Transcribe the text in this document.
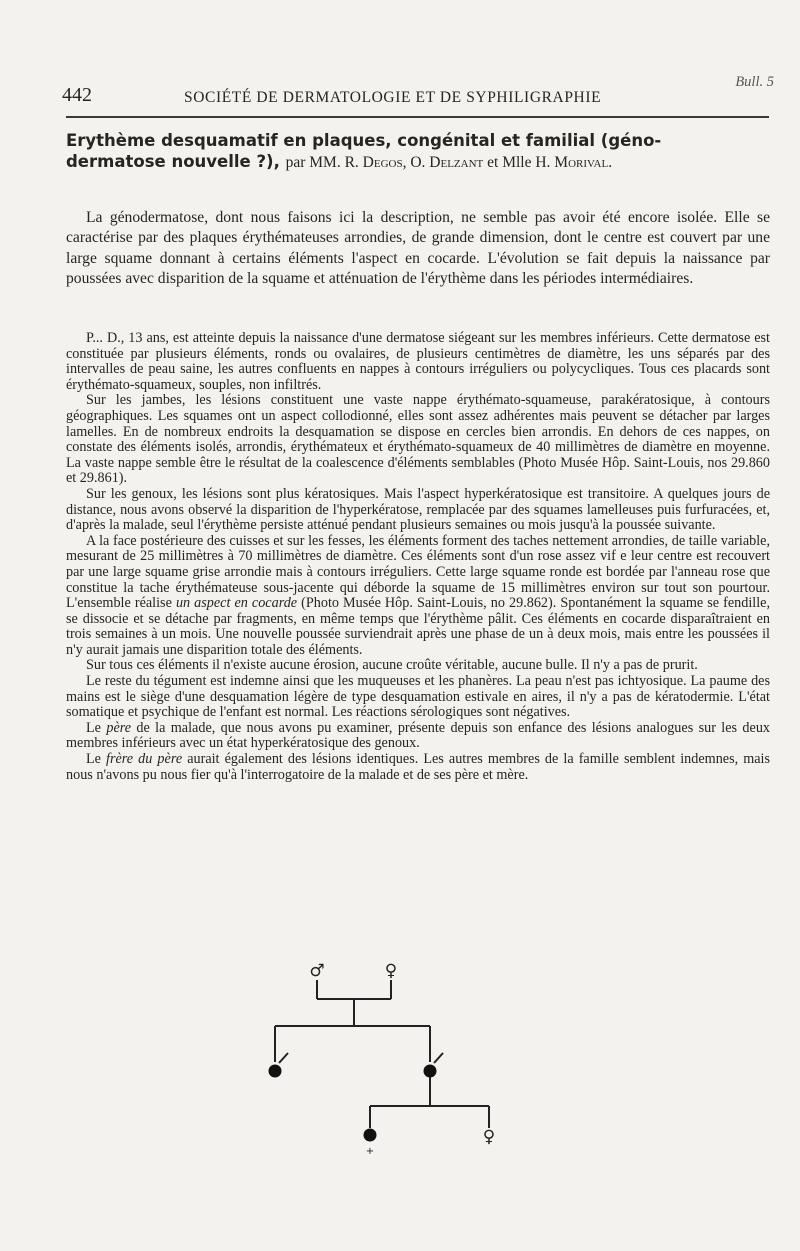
442	SOCIÉTÉ DE DERMATOLOGIE ET DE SYPHILIGRAPHIE
Bull. 5

Erythème desquamatif en plaques, congénital et familial (géno-
dermatose nouvelle ?), par MM. R. Degos, O. Delzant et Mlle H. Morival.

La génodermatose, dont nous faisons ici la description, ne semble pas avoir été encore isolée. Elle se caractérise par des plaques érythémateuses arrondies, de grande dimension, dont le centre est couvert par une large squame donnant à certains éléments l'aspect en cocarde. L'évolution se fait depuis la naissance par poussées avec disparition de la squame et atténuation de l'érythème dans les périodes intermédiaires.

P... D., 13 ans, est atteinte depuis la naissance d'une dermatose siégeant sur les membres inférieurs. Cette dermatose est constituée par plusieurs éléments, ronds ou ovalaires, de plusieurs centimètres de diamètre, les uns séparés par des intervalles de peau saine, les autres confluents en nappes à contours irréguliers ou polycycliques. Tous ces placards sont érythémato-squameux, souples, non infiltrés.

Sur les jambes, les lésions constituent une vaste nappe érythémato-squameuse, parakératosique, à contours géographiques. Les squames ont un aspect collodionné, elles sont assez adhérentes mais peuvent se détacher par larges lamelles. En de nombreux endroits la desquamation se dispose en cercles bien arrondis. En dehors de ces nappes, on constate des éléments isolés, arrondis, érythémateux et érythémato-squameux de 40 millimètres de diamètre en moyenne. La vaste nappe semble être le résultat de la coalescence d'éléments semblables (Photo Musée Hôp. Saint-Louis, nos 29.860 et 29.861).

Sur les genoux, les lésions sont plus kératosiques. Mais l'aspect hyperkératosique est transitoire. A quelques jours de distance, nous avons observé la disparition de l'hyperkératose, remplacée par des squames lamelleuses puis furfuracées, et, d'après la malade, seul l'érythème persiste atténué pendant plusieurs semaines ou mois jusqu'à la poussée suivante.

A la face postérieure des cuisses et sur les fesses, les éléments forment des taches nettement arrondies, de taille variable, mesurant de 25 millimètres à 70 millimètres de diamètre. Ces éléments sont d'un rose assez vif e leur centre est recouvert par une large squame grise arrondie mais à contours irréguliers. Cette large squame ronde est bordée par l'anneau rose que constitue la tache érythémateuse sous-jacente qui déborde la squame de 15 millimètres environ sur tout son pourtour. L'ensemble réalise un aspect en cocarde (Photo Musée Hôp. Saint-Louis, no 29.862). Spontanément la squame se fendille, se dissocie et se détache par fragments, en même temps que l'érythème pâlit. Ces éléments en cocarde disparaîtraient en trois semaines à un mois. Une nouvelle poussée surviendrait après une phase de un à deux mois, mais entre les poussées il n'y aurait jamais une disparition totale des éléments.

Sur tous ces éléments il n'existe aucune érosion, aucune croûte véritable, aucune bulle. Il n'y a pas de prurit.

Le reste du tégument est indemne ainsi que les muqueuses et les phanères. La peau n'est pas ichtyosique. La paume des mains est le siège d'une desquamation légère de type desquamation estivale en aires, il n'y a pas de kératodermie. L'état somatique et psychique de l'enfant est normal. Les réactions sérologiques sont négatives.

Le père de la malade, que nous avons pu examiner, présente depuis son enfance des lésions analogues sur les deux membres inférieurs avec un état hyperkératosique des genoux.

Le frère du père aurait également des lésions identiques. Les autres membres de la famille semblent indemnes, mais nous n'avons pu nous fier qu'à l'interrogatoire de la malade et de ses père et mère.

♂	♀
♀
+
